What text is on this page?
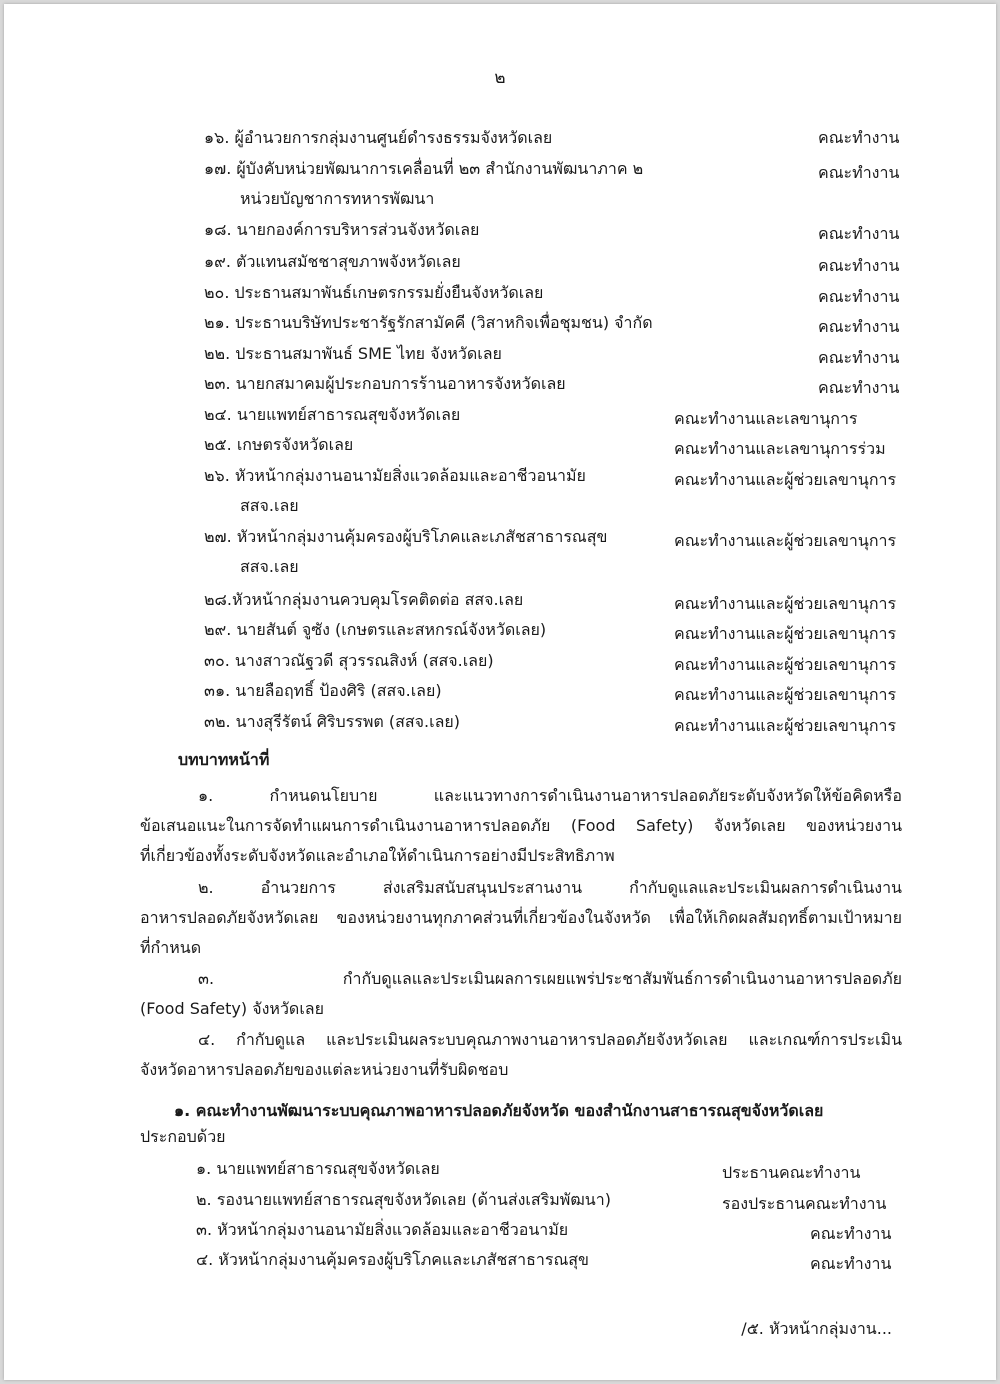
๒
๑๖. ผู้อำนวยการกลุ่มงานศูนย์ดำรงธรรมจังหวัดเลย	คณะทำงาน
๑๗. ผู้บังคับหน่วยพัฒนาการเคลื่อนที่ ๒๓ สำนักงานพัฒนาภาค ๒	คณะทำงาน
หน่วยบัญชาการทหารพัฒนา
๑๘. นายกองค์การบริหารส่วนจังหวัดเลย	คณะทำงาน
๑๙. ตัวแทนสมัชชาสุขภาพจังหวัดเลย	คณะทำงาน
๒๐. ประธานสมาพันธ์เกษตรกรรมยั่งยืนจังหวัดเลย	คณะทำงาน
๒๑. ประธานบริษัทประชารัฐรักสามัคคี (วิสาหกิจเพื่อชุมชน) จำกัด	คณะทำงาน
๒๒. ประธานสมาพันธ์ SME ไทย จังหวัดเลย	คณะทำงาน
๒๓. นายกสมาคมผู้ประกอบการร้านอาหารจังหวัดเลย	คณะทำงาน
๒๔. นายแพทย์สาธารณสุขจังหวัดเลย	คณะทำงานและเลขานุการ
๒๕. เกษตรจังหวัดเลย	คณะทำงานและเลขานุการร่วม
๒๖. หัวหน้ากลุ่มงานอนามัยสิ่งแวดล้อมและอาชีวอนามัย	คณะทำงานและผู้ช่วยเลขานุการ
สสจ.เลย
๒๗. หัวหน้ากลุ่มงานคุ้มครองผู้บริโภคและเภสัชสาธารณสุข	คณะทำงานและผู้ช่วยเลขานุการ
สสจ.เลย
๒๘.หัวหน้ากลุ่มงานควบคุมโรคติดต่อ สสจ.เลย	คณะทำงานและผู้ช่วยเลขานุการ
๒๙. นายสันต์ จูซัง (เกษตรและสหกรณ์จังหวัดเลย)	คณะทำงานและผู้ช่วยเลขานุการ
๓๐. นางสาวณัฐวดี สุวรรณสิงห์ (สสจ.เลย)	คณะทำงานและผู้ช่วยเลขานุการ
๓๑. นายลือฤทธิ์ ป้องศิริ (สสจ.เลย)	คณะทำงานและผู้ช่วยเลขานุการ
๓๒. นางสุรีรัตน์ ศิริบรรพต (สสจ.เลย)	คณะทำงานและผู้ช่วยเลขานุการ
บทบาทหน้าที่
๑. กำหนดนโยบาย และแนวทางการดำเนินงานอาหารปลอดภัยระดับจังหวัดให้ข้อคิดหรือ
ข้อเสนอแนะในการจัดทำแผนการดำเนินงานอาหารปลอดภัย (Food Safety) จังหวัดเลย ของหน่วยงาน
ที่เกี่ยวข้องทั้งระดับจังหวัดและอำเภอให้ดำเนินการอย่างมีประสิทธิภาพ
๒. อำนวยการ ส่งเสริมสนับสนุนประสานงาน กำกับดูแลและประเมินผลการดำเนินงาน
อาหารปลอดภัยจังหวัดเลย ของหน่วยงานทุกภาคส่วนที่เกี่ยวข้องในจังหวัด เพื่อให้เกิดผลสัมฤทธิ์ตามเป้าหมาย
ที่กำหนด
๓. กำกับดูแลและประเมินผลการเผยแพร่ประชาสัมพันธ์การดำเนินงานอาหารปลอดภัย
(Food Safety) จังหวัดเลย
๔. กำกับดูแล และประเมินผลระบบคุณภาพงานอาหารปลอดภัยจังหวัดเลย และเกณฑ์การประเมิน
จังหวัดอาหารปลอดภัยของแต่ละหน่วยงานที่รับผิดชอบ
๑. คณะทำงานพัฒนาระบบคุณภาพอาหารปลอดภัยจังหวัด ของสำนักงานสาธารณสุขจังหวัดเลย
ประกอบด้วย
๑. นายแพทย์สาธารณสุขจังหวัดเลย	ประธานคณะทำงาน
๒. รองนายแพทย์สาธารณสุขจังหวัดเลย (ด้านส่งเสริมพัฒนา)	รองประธานคณะทำงาน
๓. หัวหน้ากลุ่มงานอนามัยสิ่งแวดล้อมและอาชีวอนามัย	คณะทำงาน
๔. หัวหน้ากลุ่มงานคุ้มครองผู้บริโภคและเภสัชสาธารณสุข	คณะทำงาน
/๕. หัวหน้ากลุ่มงาน...
